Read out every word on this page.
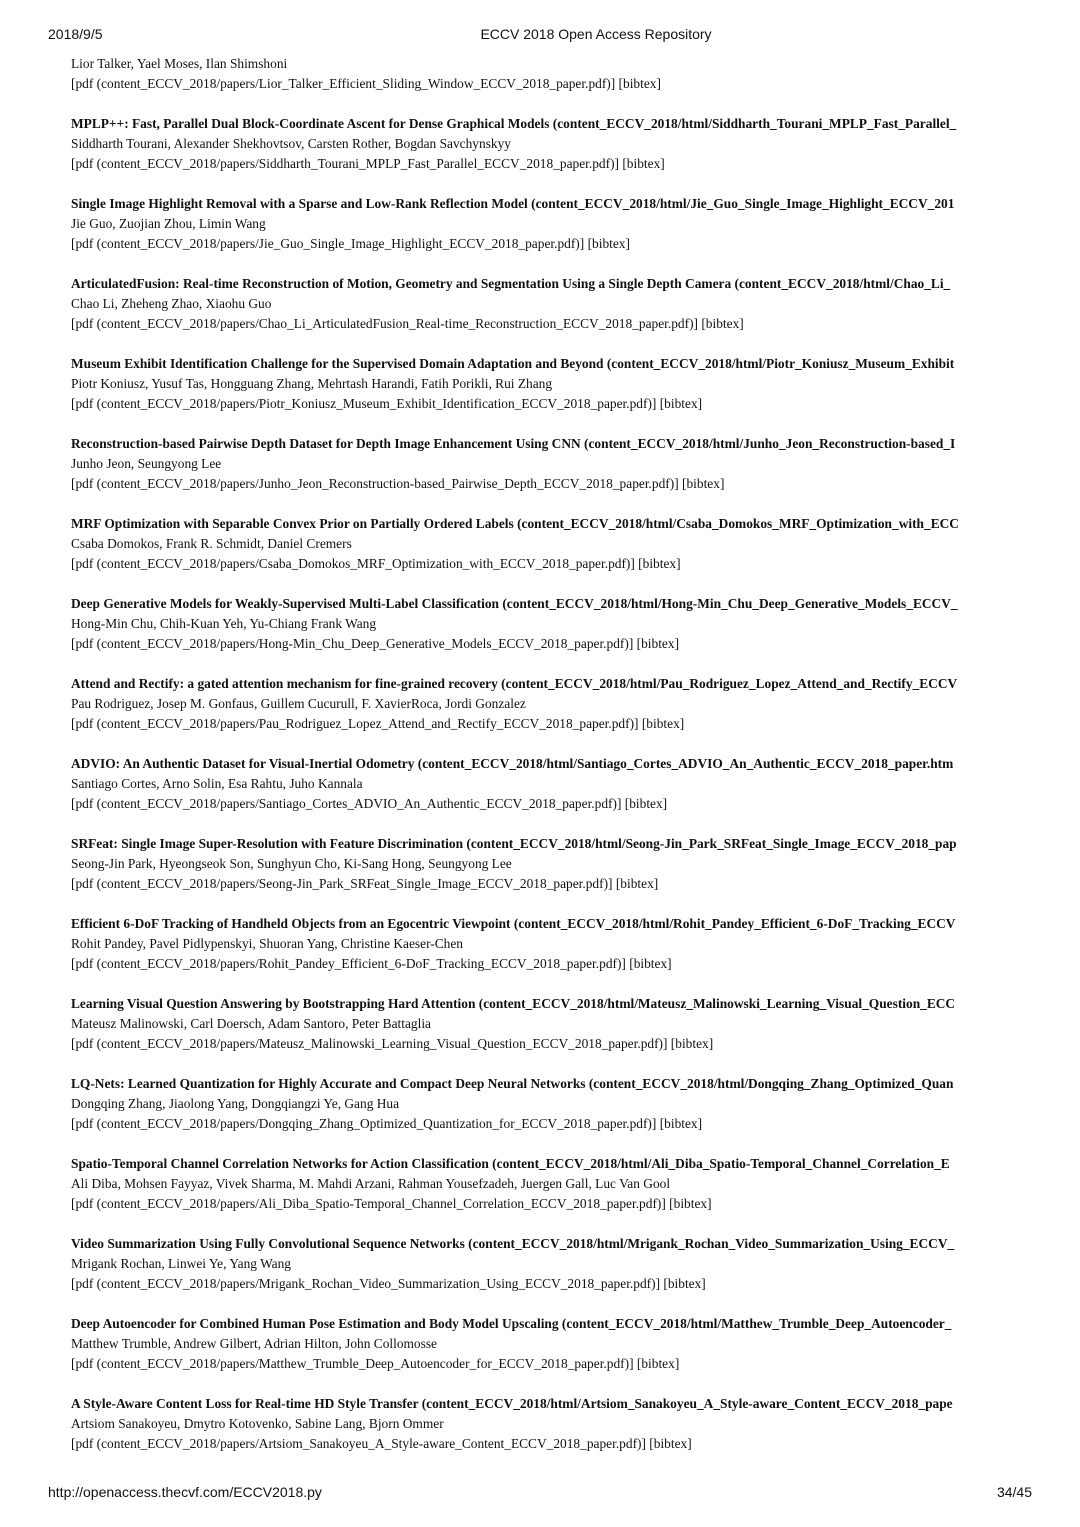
2018/9/5	ECCV 2018 Open Access Repository
Lior Talker, Yael Moses, Ilan Shimshoni
[pdf (content_ECCV_2018/papers/Lior_Talker_Efficient_Sliding_Window_ECCV_2018_paper.pdf)] [bibtex]
MPLP++: Fast, Parallel Dual Block-Coordinate Ascent for Dense Graphical Models (content_ECCV_2018/html/Siddharth_Tourani_MPLP_Fast_Parallel_
Siddharth Tourani, Alexander Shekhovtsov, Carsten Rother, Bogdan Savchynskyy
[pdf (content_ECCV_2018/papers/Siddharth_Tourani_MPLP_Fast_Parallel_ECCV_2018_paper.pdf)] [bibtex]
Single Image Highlight Removal with a Sparse and Low-Rank Reflection Model (content_ECCV_2018/html/Jie_Guo_Single_Image_Highlight_ECCV_201
Jie Guo, Zuojian Zhou, Limin Wang
[pdf (content_ECCV_2018/papers/Jie_Guo_Single_Image_Highlight_ECCV_2018_paper.pdf)] [bibtex]
ArticulatedFusion: Real-time Reconstruction of Motion, Geometry and Segmentation Using a Single Depth Camera (content_ECCV_2018/html/Chao_Li_
Chao Li, Zheheng Zhao, Xiaohu Guo
[pdf (content_ECCV_2018/papers/Chao_Li_ArticulatedFusion_Real-time_Reconstruction_ECCV_2018_paper.pdf)] [bibtex]
Museum Exhibit Identification Challenge for the Supervised Domain Adaptation and Beyond (content_ECCV_2018/html/Piotr_Koniusz_Museum_Exhibit
Piotr Koniusz, Yusuf Tas, Hongguang Zhang, Mehrtash Harandi, Fatih Porikli, Rui Zhang
[pdf (content_ECCV_2018/papers/Piotr_Koniusz_Museum_Exhibit_Identification_ECCV_2018_paper.pdf)] [bibtex]
Reconstruction-based Pairwise Depth Dataset for Depth Image Enhancement Using CNN (content_ECCV_2018/html/Junho_Jeon_Reconstruction-based_I
Junho Jeon, Seungyong Lee
[pdf (content_ECCV_2018/papers/Junho_Jeon_Reconstruction-based_Pairwise_Depth_ECCV_2018_paper.pdf)] [bibtex]
MRF Optimization with Separable Convex Prior on Partially Ordered Labels (content_ECCV_2018/html/Csaba_Domokos_MRF_Optimization_with_ECC
Csaba Domokos, Frank R. Schmidt, Daniel Cremers
[pdf (content_ECCV_2018/papers/Csaba_Domokos_MRF_Optimization_with_ECCV_2018_paper.pdf)] [bibtex]
Deep Generative Models for Weakly-Supervised Multi-Label Classification (content_ECCV_2018/html/Hong-Min_Chu_Deep_Generative_Models_ECCV_
Hong-Min Chu, Chih-Kuan Yeh, Yu-Chiang Frank Wang
[pdf (content_ECCV_2018/papers/Hong-Min_Chu_Deep_Generative_Models_ECCV_2018_paper.pdf)] [bibtex]
Attend and Rectify: a gated attention mechanism for fine-grained recovery (content_ECCV_2018/html/Pau_Rodriguez_Lopez_Attend_and_Rectify_ECCV
Pau Rodriguez, Josep M. Gonfaus, Guillem Cucurull, F. XavierRoca, Jordi Gonzalez
[pdf (content_ECCV_2018/papers/Pau_Rodriguez_Lopez_Attend_and_Rectify_ECCV_2018_paper.pdf)] [bibtex]
ADVIO: An Authentic Dataset for Visual-Inertial Odometry (content_ECCV_2018/html/Santiago_Cortes_ADVIO_An_Authentic_ECCV_2018_paper.htm
Santiago Cortes, Arno Solin, Esa Rahtu, Juho Kannala
[pdf (content_ECCV_2018/papers/Santiago_Cortes_ADVIO_An_Authentic_ECCV_2018_paper.pdf)] [bibtex]
SRFeat: Single Image Super-Resolution with Feature Discrimination (content_ECCV_2018/html/Seong-Jin_Park_SRFeat_Single_Image_ECCV_2018_pap
Seong-Jin Park, Hyeongseok Son, Sunghyun Cho, Ki-Sang Hong, Seungyong Lee
[pdf (content_ECCV_2018/papers/Seong-Jin_Park_SRFeat_Single_Image_ECCV_2018_paper.pdf)] [bibtex]
Efficient 6-DoF Tracking of Handheld Objects from an Egocentric Viewpoint (content_ECCV_2018/html/Rohit_Pandey_Efficient_6-DoF_Tracking_ECCV
Rohit Pandey, Pavel Pidlypenskyi, Shuoran Yang, Christine Kaeser-Chen
[pdf (content_ECCV_2018/papers/Rohit_Pandey_Efficient_6-DoF_Tracking_ECCV_2018_paper.pdf)] [bibtex]
Learning Visual Question Answering by Bootstrapping Hard Attention (content_ECCV_2018/html/Mateusz_Malinowski_Learning_Visual_Question_ECC
Mateusz Malinowski, Carl Doersch, Adam Santoro, Peter Battaglia
[pdf (content_ECCV_2018/papers/Mateusz_Malinowski_Learning_Visual_Question_ECCV_2018_paper.pdf)] [bibtex]
LQ-Nets: Learned Quantization for Highly Accurate and Compact Deep Neural Networks (content_ECCV_2018/html/Dongqing_Zhang_Optimized_Quan
Dongqing Zhang, Jiaolong Yang, Dongqiangzi Ye, Gang Hua
[pdf (content_ECCV_2018/papers/Dongqing_Zhang_Optimized_Quantization_for_ECCV_2018_paper.pdf)] [bibtex]
Spatio-Temporal Channel Correlation Networks for Action Classification (content_ECCV_2018/html/Ali_Diba_Spatio-Temporal_Channel_Correlation_E
Ali Diba, Mohsen Fayyaz, Vivek Sharma, M. Mahdi Arzani, Rahman Yousefzadeh, Juergen Gall, Luc Van Gool
[pdf (content_ECCV_2018/papers/Ali_Diba_Spatio-Temporal_Channel_Correlation_ECCV_2018_paper.pdf)] [bibtex]
Video Summarization Using Fully Convolutional Sequence Networks (content_ECCV_2018/html/Mrigank_Rochan_Video_Summarization_Using_ECCV_
Mrigank Rochan, Linwei Ye, Yang Wang
[pdf (content_ECCV_2018/papers/Mrigank_Rochan_Video_Summarization_Using_ECCV_2018_paper.pdf)] [bibtex]
Deep Autoencoder for Combined Human Pose Estimation and Body Model Upscaling (content_ECCV_2018/html/Matthew_Trumble_Deep_Autoencoder_
Matthew Trumble, Andrew Gilbert, Adrian Hilton, John Collomosse
[pdf (content_ECCV_2018/papers/Matthew_Trumble_Deep_Autoencoder_for_ECCV_2018_paper.pdf)] [bibtex]
A Style-Aware Content Loss for Real-time HD Style Transfer (content_ECCV_2018/html/Artsiom_Sanakoyeu_A_Style-aware_Content_ECCV_2018_pape
Artsiom Sanakoyeu, Dmytro Kotovenko, Sabine Lang, Bjorn Ommer
[pdf (content_ECCV_2018/papers/Artsiom_Sanakoyeu_A_Style-aware_Content_ECCV_2018_paper.pdf)] [bibtex]
http://openaccess.thecvf.com/ECCV2018.py	34/45
